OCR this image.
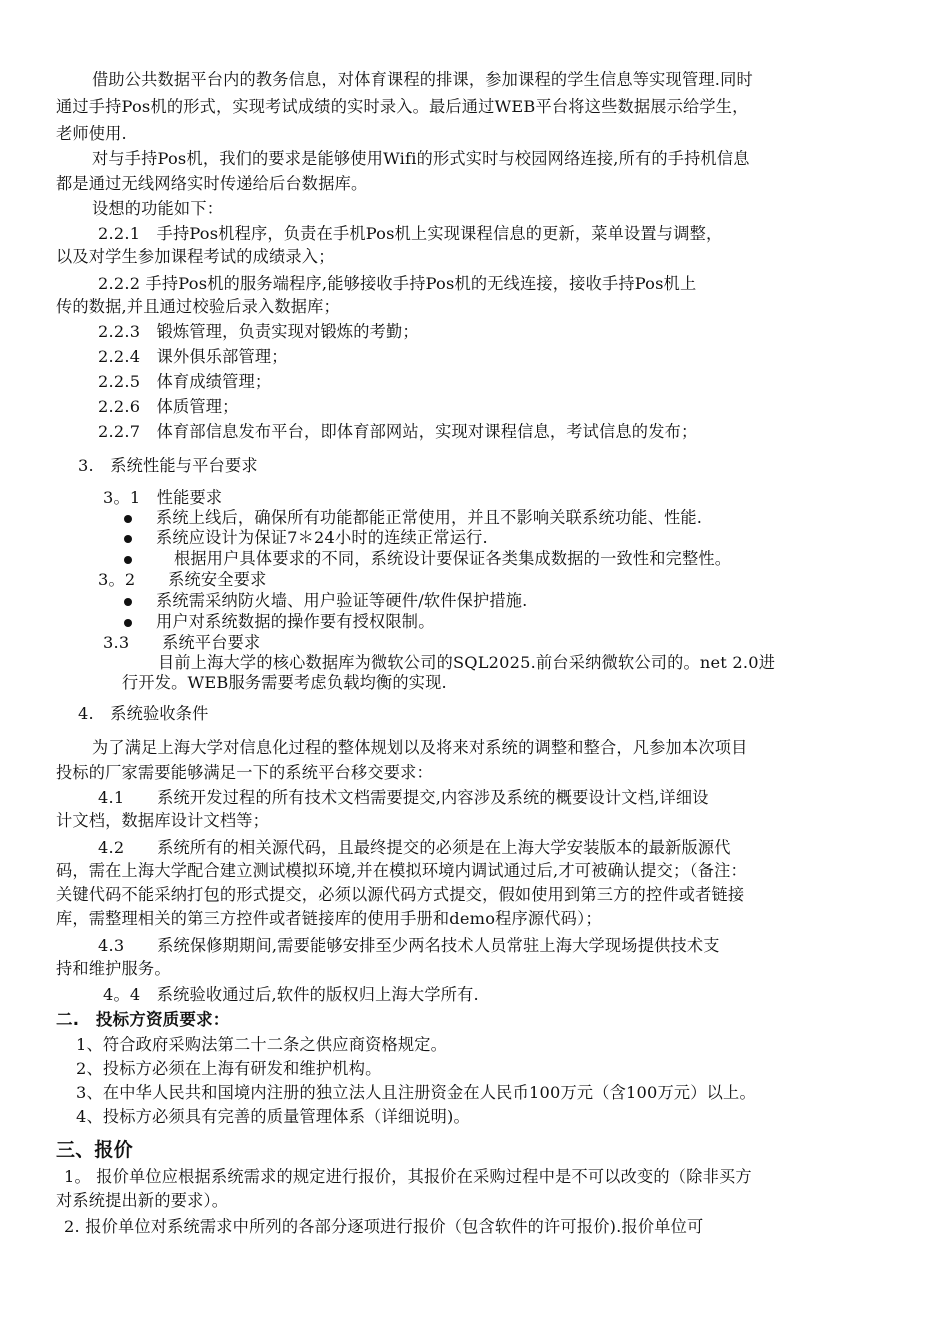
借助公共数据平台内的教务信息，对体育课程的排课，参加课程的学生信息等实现管理.同时
通过手持Pos机的形式，实现考试成绩的实时录入。最后通过WEB平台将这些数据展示给学生，
老师使用.
对与手持Pos机，我们的要求是能够使用Wifi的形式实时与校园网络连接,所有的手持机信息
都是通过无线网络实时传递给后台数据库。
设想的功能如下：
2.2.1　手持Pos机程序，负责在手机Pos机上实现课程信息的更新，菜单设置与调整，
以及对学生参加课程考试的成绩录入；
2.2.2 手持Pos机的服务端程序,能够接收手持Pos机的无线连接，接收手持Pos机上
传的数据,并且通过校验后录入数据库；
2.2.3　锻炼管理，负责实现对锻炼的考勤；
2.2.4　课外俱乐部管理；
2.2.5　体育成绩管理；
2.2.6　体质管理；
2.2.7　体育部信息发布平台，即体育部网站，实现对课程信息，考试信息的发布；
3.　系统性能与平台要求
3。1　性能要求
系统上线后，确保所有功能都能正常使用，并且不影响关联系统功能、性能.
系统应设计为保证7＊24小时的连续正常运行.
根据用户具体要求的不同，系统设计要保证各类集成数据的一致性和完整性。
3。2　　系统安全要求
系统需采纳防火墙、用户验证等硬件/软件保护措施.
用户对系统数据的操作要有授权限制。
3.3　　系统平台要求
目前上海大学的核心数据库为微软公司的SQL2025.前台采纳微软公司的。net 2.0进
行开发。WEB服务需要考虑负载均衡的实现.
4.　系统验收条件
为了满足上海大学对信息化过程的整体规划以及将来对系统的调整和整合，凡参加本次项目
投标的厂家需要能够满足一下的系统平台移交要求：
4.1　　系统开发过程的所有技术文档需要提交,内容涉及系统的概要设计文档,详细设
计文档，数据库设计文档等；
4.2　　系统所有的相关源代码，且最终提交的必须是在上海大学安装版本的最新版源代
码，需在上海大学配合建立测试模拟环境,并在模拟环境内调试通过后,才可被确认提交；（备注：
关键代码不能采纳打包的形式提交，必须以源代码方式提交，假如使用到第三方的控件或者链接
库，需整理相关的第三方控件或者链接库的使用手册和demo程序源代码）；
4.3　　系统保修期期间,需要能够安排至少两名技术人员常驻上海大学现场提供技术支
持和维护服务。
4。4　系统验收通过后,软件的版权归上海大学所有.
二.　投标方资质要求：
1、符合政府采购法第二十二条之供应商资格规定。
2、投标方必须在上海有研发和维护机构。
3、在中华人民共和国境内注册的独立法人且注册资金在人民币100万元（含100万元）以上。
4、投标方必须具有完善的质量管理体系（详细说明)。
三、报价
1。 报价单位应根据系统需求的规定进行报价，其报价在采购过程中是不可以改变的（除非买方
对系统提出新的要求）。
2. 报价单位对系统需求中所列的各部分逐项进行报价（包含软件的许可报价).报价单位可
